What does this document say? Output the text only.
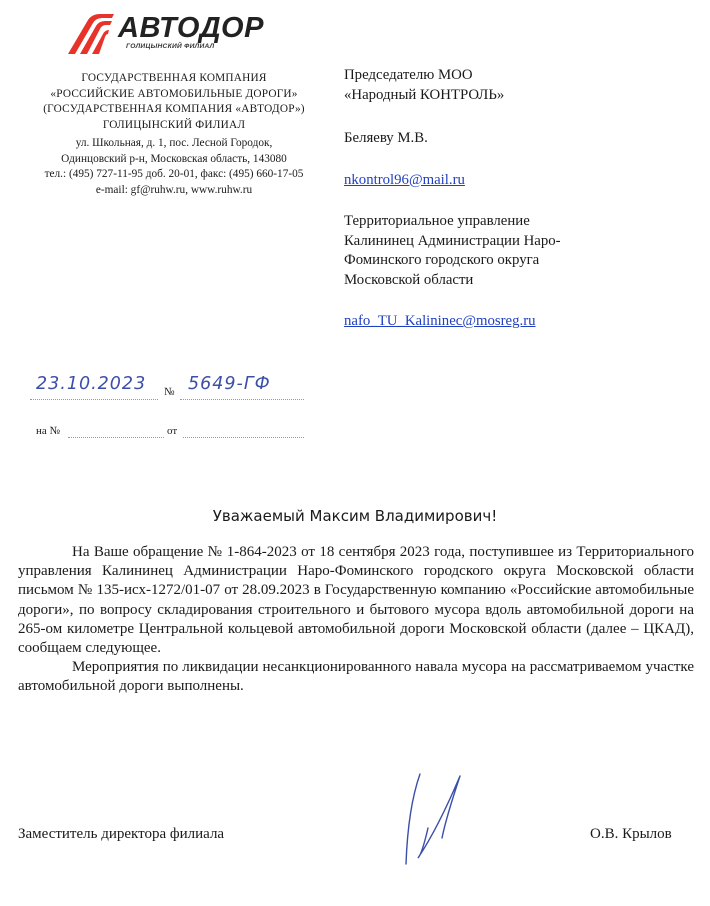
АВТОДОР
ГОЛИЦЫНСКИЙ ФИЛИАЛ
ГОСУДАРСТВЕННАЯ КОМПАНИЯ
«РОССИЙСКИЕ АВТОМОБИЛЬНЫЕ ДОРОГИ»
(ГОСУДАРСТВЕННАЯ КОМПАНИЯ «АВТОДОР»)
ГОЛИЦЫНСКИЙ ФИЛИАЛ
ул. Школьная, д. 1, пос. Лесной Городок,
Одинцовский р-н, Московская область, 143080
тел.: (495) 727-11-95 доб. 20-01, факс: (495) 660-17-05
e-mail: gf@ruhw.ru, www.ruhw.ru
Председателю МОО
«Народный КОНТРОЛЬ»
Беляеву М.В.
nkontrol96@mail.ru
Территориальное управление
Калининец Администрации Наро-
Фоминского городского округа
Московской области
nafo_TU_Kalininec@mosreg.ru
23.10.2023 № 5649-ГФ
на №	от
Уважаемый Максим Владимирович!

На Ваше обращение № 1-864-2023 от 18 сентября 2023 года, поступившее из Территориального управления Калининец Администрации Наро-Фоминского городского округа Московской области письмом № 135-исх-1272/01-07 от 28.09.2023 в Государственную компанию «Российские автомобильные дороги», по вопросу складирования строительного и бытового мусора вдоль автомобильной дороги на 265-ом километре Центральной кольцевой автомобильной дороги Московской области (далее – ЦКАД), сообщаем следующее.

Мероприятия по ликвидации несанкционированного навала мусора на рассматриваемом участке автомобильной дороги выполнены.

Заместитель директора филиала	О.В. Крылов
